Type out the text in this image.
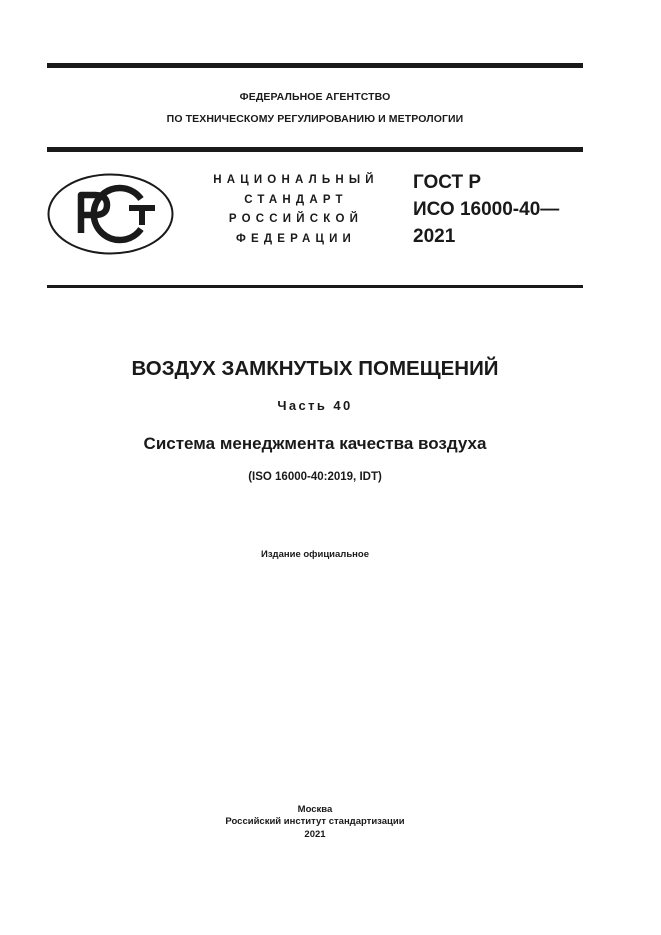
ФЕДЕРАЛЬНОЕ АГЕНТСТВО
ПО ТЕХНИЧЕСКОМУ РЕГУЛИРОВАНИЮ И МЕТРОЛОГИИ
НАЦИОНАЛЬНЫЙ
СТАНДАРТ
РОССИЙСКОЙ
ФЕДЕРАЦИИ
ГОСТ Р
ИСО 16000-40—
2021
ВОЗДУХ ЗАМКНУТЫХ ПОМЕЩЕНИЙ
Часть 40
Система менеджмента качества воздуха
(ISO 16000-40:2019, IDT)
Издание официальное
Москва
Российский институт стандартизации
2021
